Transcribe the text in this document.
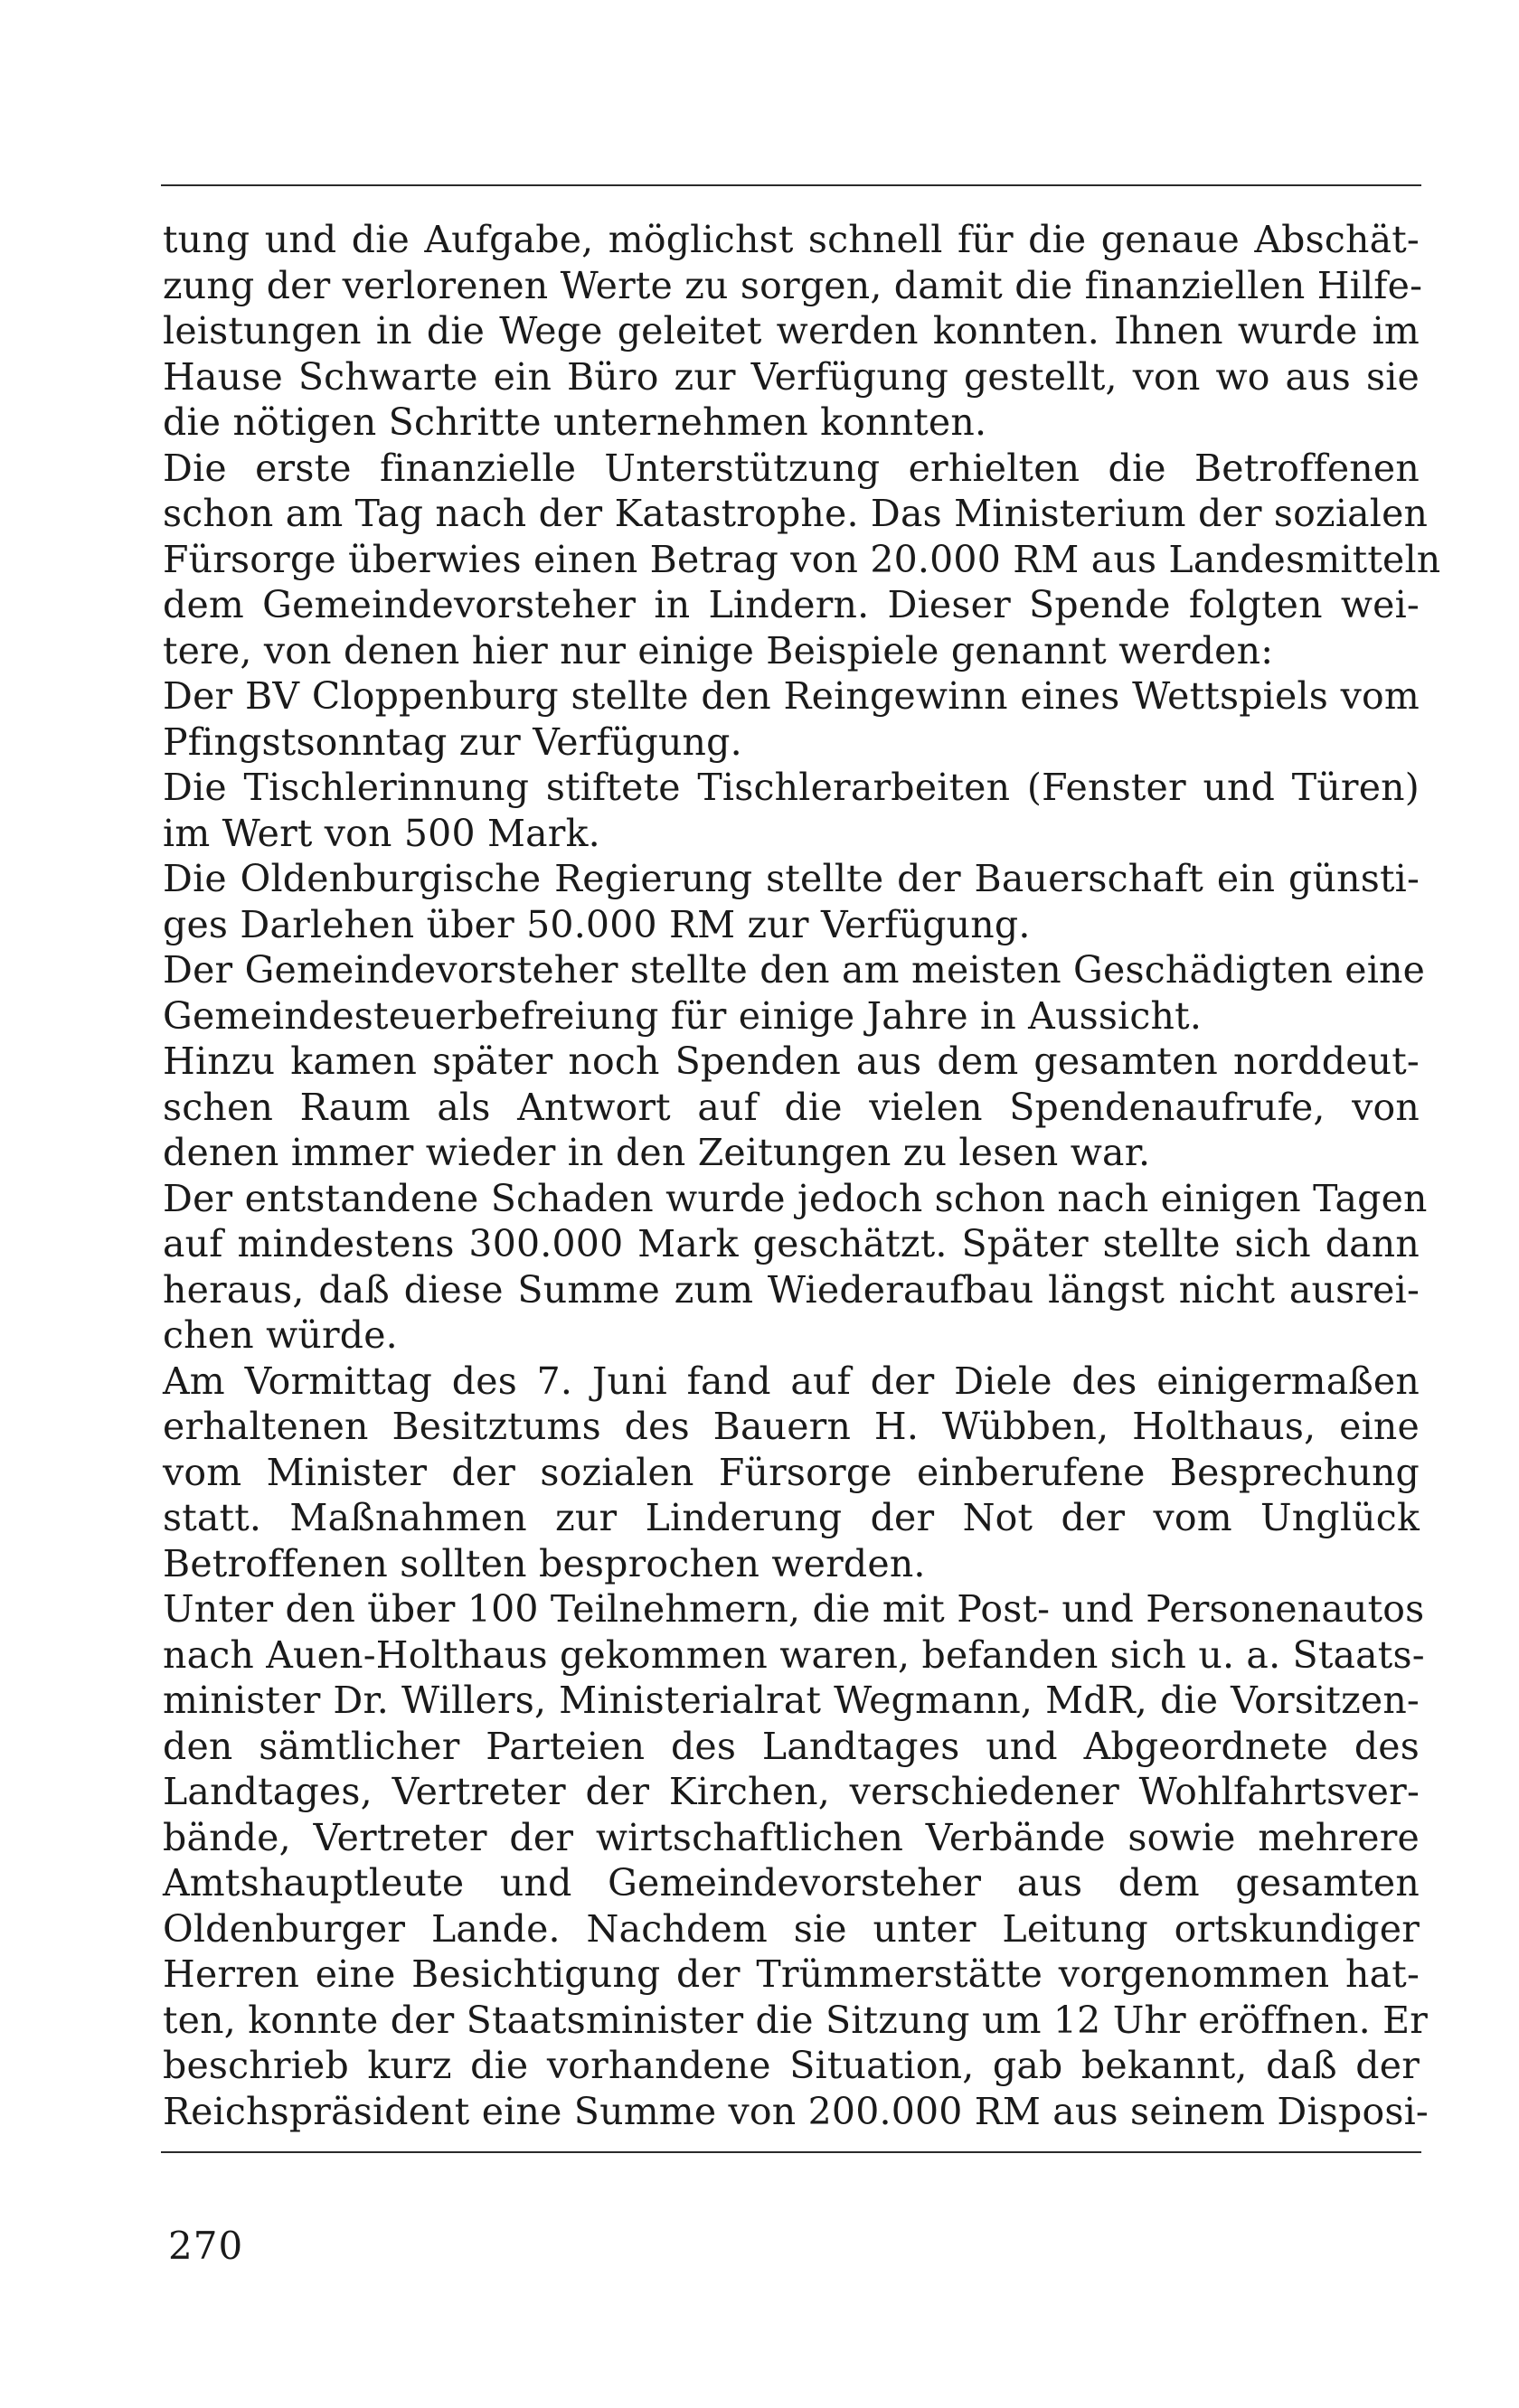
tung und die Aufgabe, möglichst schnell für die genaue Abschät-
zung der verlorenen Werte zu sorgen, damit die finanziellen Hilfe-
leistungen in die Wege geleitet werden konnten. Ihnen wurde im
Hause Schwarte ein Büro zur Verfügung gestellt, von wo aus sie
die nötigen Schritte unternehmen konnten.
Die erste finanzielle Unterstützung erhielten die Betroffenen
schon am Tag nach der Katastrophe. Das Ministerium der sozialen
Fürsorge überwies einen Betrag von 20.000 RM aus Landesmitteln
dem Gemeindevorsteher in Lindern. Dieser Spende folgten wei-
tere, von denen hier nur einige Beispiele genannt werden:
Der BV Cloppenburg stellte den Reingewinn eines Wettspiels vom
Pfingstsonntag zur Verfügung.
Die Tischlerinnung stiftete Tischlerarbeiten (Fenster und Türen)
im Wert von 500 Mark.
Die Oldenburgische Regierung stellte der Bauerschaft ein günsti-
ges Darlehen über 50.000 RM zur Verfügung.
Der Gemeindevorsteher stellte den am meisten Geschädigten eine
Gemeindesteuerbefreiung für einige Jahre in Aussicht.
Hinzu kamen später noch Spenden aus dem gesamten norddeut-
schen Raum als Antwort auf die vielen Spendenaufrufe, von
denen immer wieder in den Zeitungen zu lesen war.
Der entstandene Schaden wurde jedoch schon nach einigen Tagen
auf mindestens 300.000 Mark geschätzt. Später stellte sich dann
heraus, daß diese Summe zum Wiederaufbau längst nicht ausrei-
chen würde.
Am Vormittag des 7. Juni fand auf der Diele des einigermaßen
erhaltenen Besitztums des Bauern H. Wübben, Holthaus, eine
vom Minister der sozialen Fürsorge einberufene Besprechung
statt. Maßnahmen zur Linderung der Not der vom Unglück
Betroffenen sollten besprochen werden.
Unter den über 100 Teilnehmern, die mit Post- und Personenautos
nach Auen-Holthaus gekommen waren, befanden sich u. a. Staats-
minister Dr. Willers, Ministerialrat Wegmann, MdR, die Vorsitzen-
den sämtlicher Parteien des Landtages und Abgeordnete des
Landtages, Vertreter der Kirchen, verschiedener Wohlfahrtsver-
bände, Vertreter der wirtschaftlichen Verbände sowie mehrere
Amtshauptleute und Gemeindevorsteher aus dem gesamten
Oldenburger Lande. Nachdem sie unter Leitung ortskundiger
Herren eine Besichtigung der Trümmerstätte vorgenommen hat-
ten, konnte der Staatsminister die Sitzung um 12 Uhr eröffnen. Er
beschrieb kurz die vorhandene Situation, gab bekannt, daß der
Reichspräsident eine Summe von 200.000 RM aus seinem Disposi-
270
